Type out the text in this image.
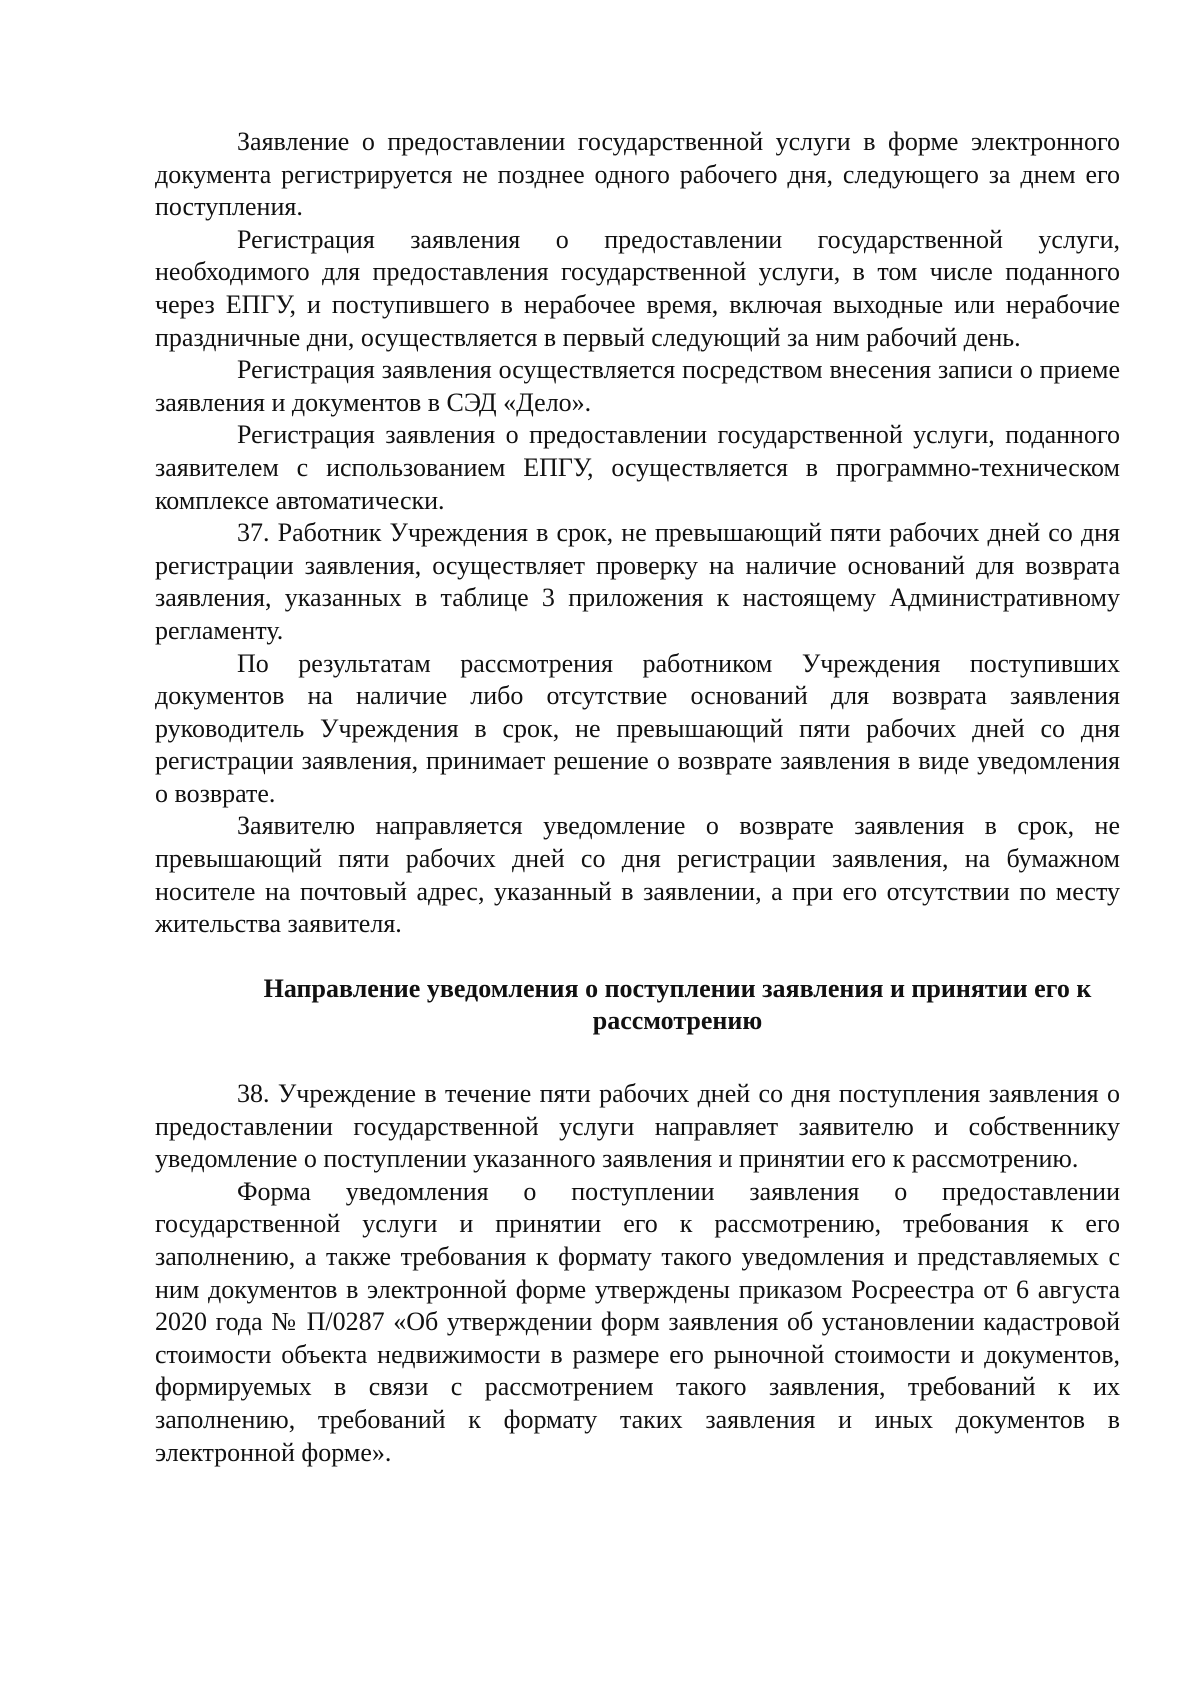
Заявление о предоставлении государственной услуги в форме электронного документа регистрируется не позднее одного рабочего дня, следующего за днем его поступления.

Регистрация заявления о предоставлении государственной услуги, необходимого для предоставления государственной услуги, в том числе поданного через ЕПГУ, и поступившего в нерабочее время, включая выходные или нерабочие праздничные дни, осуществляется в первый следующий за ним рабочий день.

Регистрация заявления осуществляется посредством внесения записи о приеме заявления и документов в СЭД «Дело».

Регистрация заявления о предоставлении государственной услуги, поданного заявителем с использованием ЕПГУ, осуществляется в программно-техническом комплексе автоматически.

37. Работник Учреждения в срок, не превышающий пяти рабочих дней со дня регистрации заявления, осуществляет проверку на наличие оснований для возврата заявления, указанных в таблице 3 приложения к настоящему Административному регламенту.

По результатам рассмотрения работником Учреждения поступивших документов на наличие либо отсутствие оснований для возврата заявления руководитель Учреждения в срок, не превышающий пяти рабочих дней со дня регистрации заявления, принимает решение о возврате заявления в виде уведомления о возврате.

Заявителю направляется уведомление о возврате заявления в срок, не превышающий пяти рабочих дней со дня регистрации заявления, на бумажном носителе на почтовый адрес, указанный в заявлении, а при его отсутствии по месту жительства заявителя.

Направление уведомления о поступлении заявления и принятии его к рассмотрению

38. Учреждение в течение пяти рабочих дней со дня поступления заявления о предоставлении государственной услуги направляет заявителю и собственнику уведомление о поступлении указанного заявления и принятии его к рассмотрению.

Форма уведомления о поступлении заявления о предоставлении государственной услуги и принятии его к рассмотрению, требования к его заполнению, а также требования к формату такого уведомления и представляемых с ним документов в электронной форме утверждены приказом Росреестра от 6 августа 2020 года № П/0287 «Об утверждении форм заявления об установлении кадастровой стоимости объекта недвижимости в размере его рыночной стоимости и документов, формируемых в связи с рассмотрением такого заявления, требований к их заполнению, требований к формату таких заявления и иных документов в электронной форме».
